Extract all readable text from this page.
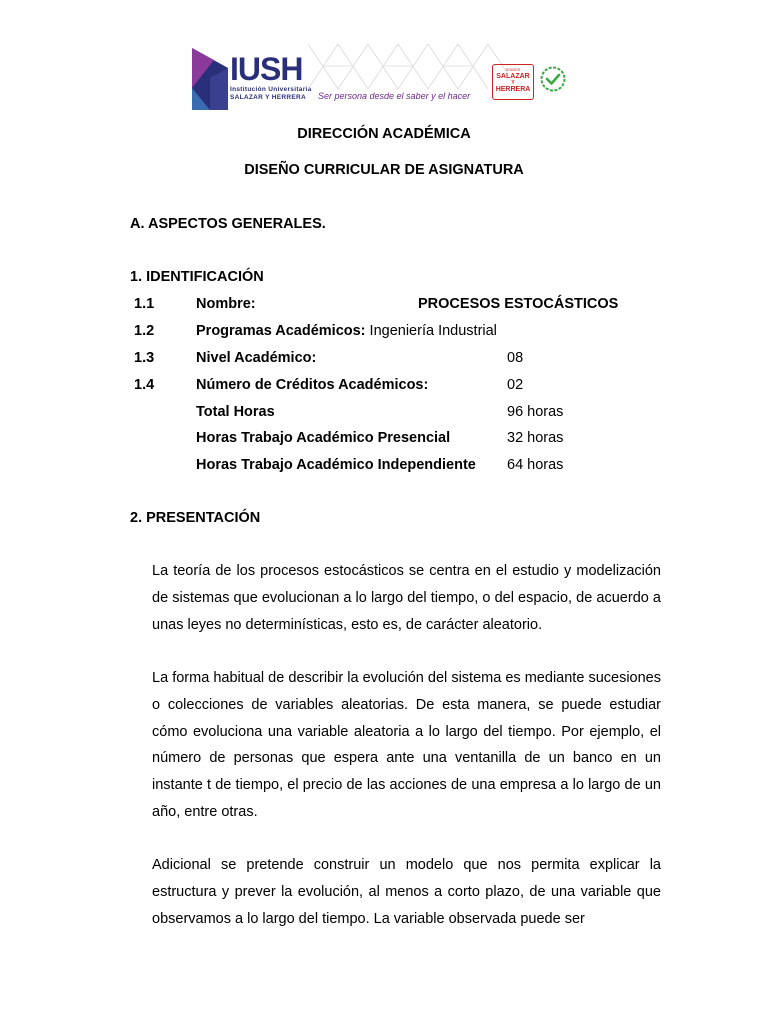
IUSH
Institución Universitaria
SALAZAR Y HERRERA Ser persona desde el saber y el hacer
SOMOS
SALAZAR
Y
HERRERA
DIRECCIÓN ACADÉMICA
DISEÑO CURRICULAR DE ASIGNATURA
A. ASPECTOS GENERALES.
1. IDENTIFICACIÓN
1.1	Nombre:	PROCESOS ESTOCÁSTICOS
1.2	Programas Académicos: Ingeniería Industrial
1.3	Nivel Académico:	08
1.4	Número de Créditos Académicos:	02
Total Horas	96 horas
Horas Trabajo Académico Presencial	32 horas
Horas Trabajo Académico Independiente 64 horas
2. PRESENTACIÓN
La teoría de los procesos estocásticos se centra en el estudio y modelización de sistemas que evolucionan a lo largo del tiempo, o del espacio, de acuerdo a unas leyes no determinísticas, esto es, de carácter aleatorio.
La forma habitual de describir la evolución del sistema es mediante sucesiones o colecciones de variables aleatorias. De esta manera, se puede estudiar cómo evoluciona una variable aleatoria a lo largo del tiempo. Por ejemplo, el número de personas que espera ante una ventanilla de un banco en un instante t de tiempo, el precio de las acciones de una empresa a lo largo de un año, entre otras.
Adicional se pretende construir un modelo que nos permita explicar la estructura y prever la evolución, al menos a corto plazo, de una variable que observamos a lo largo del tiempo. La variable observada puede ser
